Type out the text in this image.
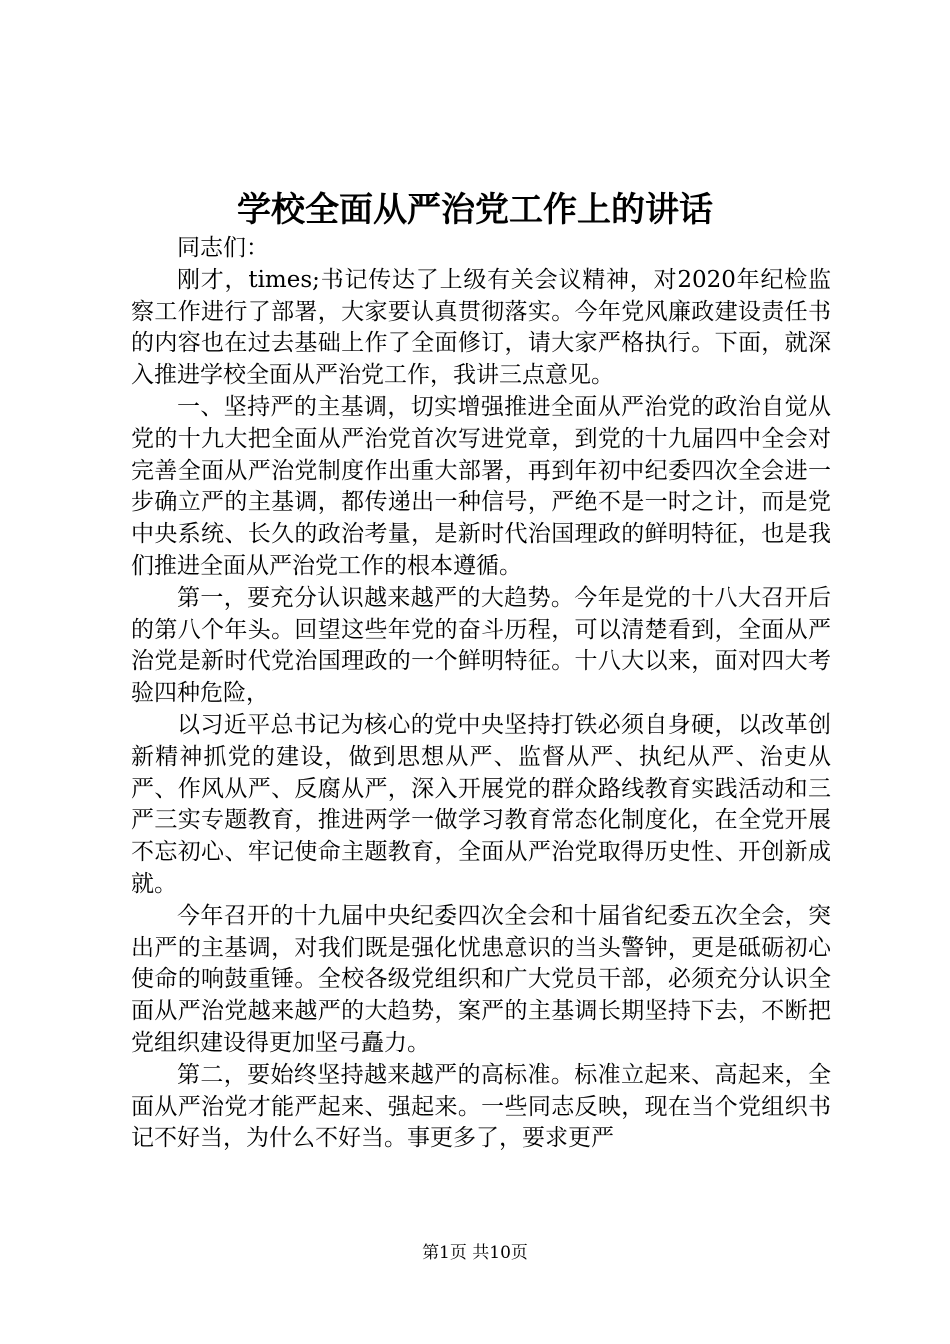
学校全面从严治党工作上的讲话

同志们：

刚才，times;书记传达了上级有关会议精神，对2020年纪检监察工作进行了部署，大家要认真贯彻落实。今年党风廉政建设责任书的内容也在过去基础上作了全面修订，请大家严格执行。下面，就深入推进学校全面从严治党工作，我讲三点意见。

一、坚持严的主基调，切实增强推进全面从严治党的政治自觉从党的十九大把全面从严治党首次写进党章，到党的十九届四中全会对完善全面从严治党制度作出重大部署，再到年初中纪委四次全会进一步确立严的主基调，都传递出一种信号，严绝不是一时之计，而是党中央系统、长久的政治考量，是新时代治国理政的鲜明特征，也是我们推进全面从严治党工作的根本遵循。

第一，要充分认识越来越严的大趋势。今年是党的十八大召开后的第八个年头。回望这些年党的奋斗历程，可以清楚看到，全面从严治党是新时代党治国理政的一个鲜明特征。十八大以来，面对四大考验四种危险，

以习近平总书记为核心的党中央坚持打铁必须自身硬，以改革创新精神抓党的建设，做到思想从严、监督从严、执纪从严、治吏从严、作风从严、反腐从严，深入开展党的群众路线教育实践活动和三严三实专题教育，推进两学一做学习教育常态化制度化，在全党开展不忘初心、牢记使命主题教育，全面从严治党取得历史性、开创新成就。

今年召开的十九届中央纪委四次全会和十届省纪委五次全会，突出严的主基调，对我们既是强化忧患意识的当头警钟，更是砥砺初心使命的响鼓重锤。全校各级党组织和广大党员干部，必须充分认识全面从严治党越来越严的大趋势，案严的主基调长期坚持下去，不断把党组织建设得更加坚弓矗力。

第二，要始终坚持越来越严的高标准。标准立起来、高起来，全面从严治党才能严起来、强起来。一些同志反映，现在当个党组织书记不好当，为什么不好当。事更多了，要求更严

第1页 共10页
